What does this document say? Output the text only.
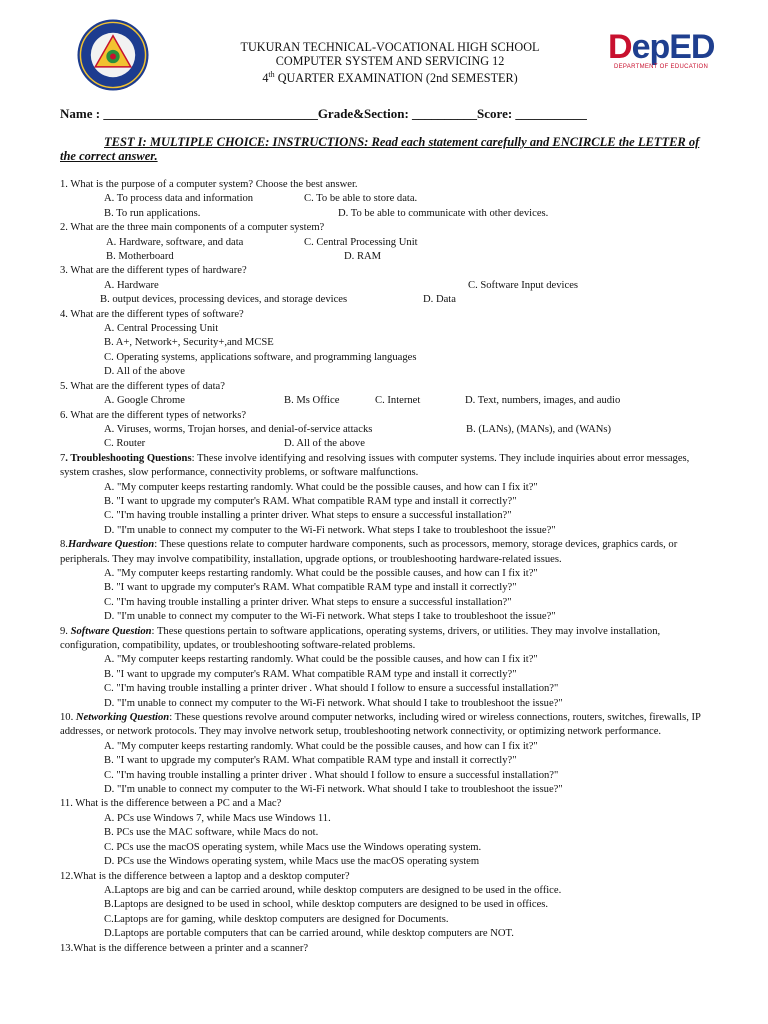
TUKURAN TECHNICAL-VOCATIONAL HIGH SCHOOL
COMPUTER SYSTEM AND SERVICING 12
4th QUARTER EXAMINATION (2nd SEMESTER)
DepED
DEPARTMENT OF EDUCATION
Name : _________________________________Grade&Section: __________Score: ___________
TEST I: MULTIPLE CHOICE: INSTRUCTIONS: Read each statement carefully and ENCIRCLE the LETTER of the correct answer.

1. What is the purpose of a computer system? Choose the best answer.

A. To process data and information	C. To be able to store data.
B. To run applications.	D. To be able to communicate with other devices.

2. What are the three main components of a computer system?

A. Hardware, software, and data	C. Central Processing Unit
B. Motherboard	D. RAM

3. What are the different types of hardware?

A. Hardware	C. Software Input devices
B. output devices, processing devices, and storage devices	D. Data

4. What are the different types of software?

A. Central Processing Unit

B. A+, Network+, Security+,and MCSE

C. Operating systems, applications software, and programming languages

D. All of the above

5. What are the different types of data?

A. Google Chrome	B. Ms Office	C. Internet	D. Text, numbers, images, and audio

6. What are the different types of networks?

A. Viruses, worms, Trojan horses, and denial-of-service attacks	B. (LANs), (MANs), and (WANs)
C. Router	D. All of the above

7. Troubleshooting Questions: These involve identifying and resolving issues with computer systems. They include inquiries about error messages, system crashes, slow performance, connectivity problems, or software malfunctions.

A. "My computer keeps restarting randomly. What could be the possible causes, and how can I fix it?"

B. "I want to upgrade my computer's RAM. What compatible RAM type and install it correctly?"

C. "I'm having trouble installing a printer driver. What steps to ensure a successful installation?"

D. "I'm unable to connect my computer to the Wi-Fi network. What steps I take to troubleshoot the issue?"

8.Hardware Question: These questions relate to computer hardware components, such as processors, memory, storage devices, graphics cards, or peripherals. They may involve compatibility, installation, upgrade options, or troubleshooting hardware-related issues.

A. "My computer keeps restarting randomly. What could be the possible causes, and how can I fix it?"

B. "I want to upgrade my computer's RAM. What compatible RAM type and install it correctly?"

C. "I'm having trouble installing a printer driver. What steps to ensure a successful installation?"

D. "I'm unable to connect my computer to the Wi-Fi network. What steps I take to troubleshoot the issue?"

9. Software Question: These questions pertain to software applications, operating systems, drivers, or utilities. They may involve installation, configuration, compatibility, updates, or troubleshooting software-related problems.

A. "My computer keeps restarting randomly. What could be the possible causes, and how can I fix it?"

B. "I want to upgrade my computer's RAM. What compatible RAM type and install it correctly?"

C. "I'm having trouble installing a printer driver . What should I follow to ensure a successful installation?"

D. "I'm unable to connect my computer to the Wi-Fi network. What should I take to troubleshoot the issue?"

10. Networking Question: These questions revolve around computer networks, including wired or wireless connections, routers, switches, firewalls, IP addresses, or network protocols. They may involve network setup, troubleshooting network connectivity, or optimizing network performance.

A. "My computer keeps restarting randomly. What could be the possible causes, and how can I fix it?"

B. "I want to upgrade my computer's RAM. What compatible RAM type and install it correctly?"

C. "I'm having trouble installing a printer driver . What should I follow to ensure a successful installation?"

D. "I'm unable to connect my computer to the Wi-Fi network. What should I take to troubleshoot the issue?"

11. What is the difference between a PC and a Mac?

A. PCs use Windows 7, while Macs use Windows 11.

B. PCs use the MAC software, while Macs do not.

C. PCs use the macOS operating system, while Macs use the Windows operating system.

D. PCs use the Windows operating system, while Macs use the macOS operating system

12.What is the difference between a laptop and a desktop computer?

A.Laptops are big and can be carried around, while desktop computers are designed to be used in the office.

B.Laptops are designed to be used in school, while desktop computers are designed to be used in offices.

C.Laptops are for gaming, while desktop computers are designed for Documents.

D.Laptops are portable computers that can be carried around, while desktop computers are NOT.

13.What is the difference between a printer and a scanner?
